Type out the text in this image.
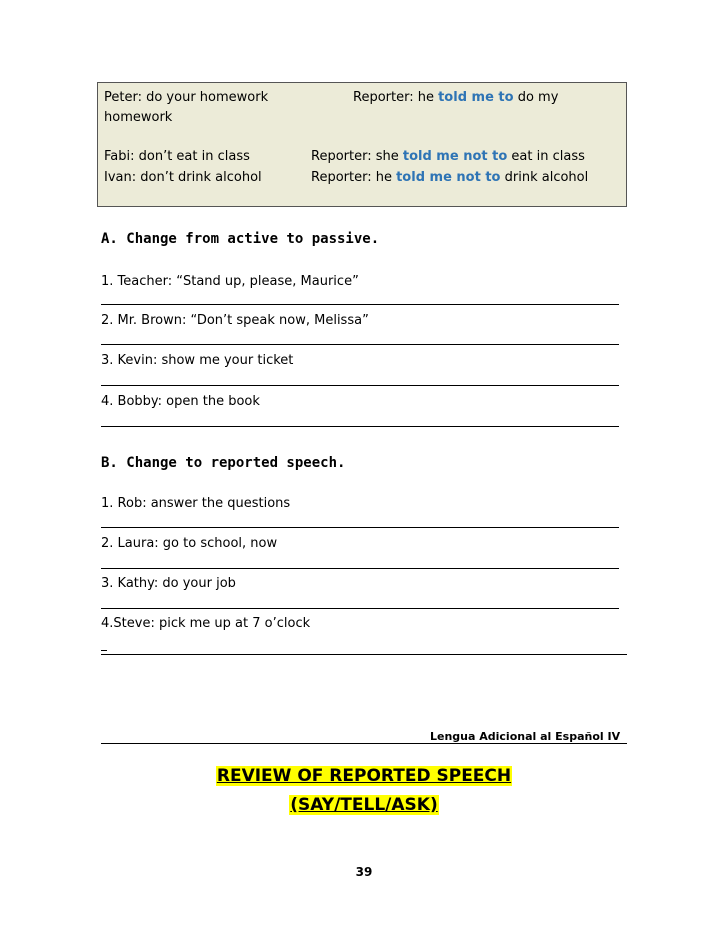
Peter: do your homework
homework
Reporter: he told me to do my
Fabi: don’t eat in class	Reporter: she told me not to eat in class
Ivan: don’t drink alcohol	Reporter: he told me not to drink alcohol
A. Change from active to passive.
1. Teacher: “Stand up, please, Maurice”
2. Mr. Brown: “Don’t speak now, Melissa”
3. Kevin: show me your ticket
4. Bobby: open the book
B. Change to reported speech.
1. Rob: answer the questions
2. Laura: go to school, now
3. Kathy: do your job
4.Steve: pick me up at 7 o’clock
Lengua Adicional al Español IV
REVIEW OF REPORTED SPEECH
(SAY/TELL/ASK)
39
